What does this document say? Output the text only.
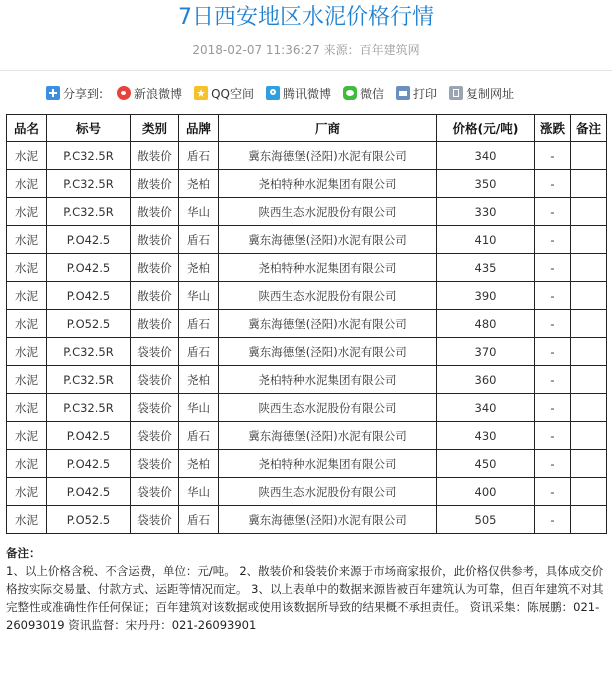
7日西安地区水泥价格行情
2018-02-07 11:36:27 来源：百年建筑网
分享到:	新浪微博 QQ空间 腾讯微博 微信 打印 复制网址
品名	标号	类别	品牌	厂商	价格(元/吨)	涨跌	备注
水泥	P.C32.5R	散装价	盾石	冀东海德堡(泾阳)水泥有限公司	340	-	
水泥	P.C32.5R	散装价	尧柏	尧柏特种水泥集团有限公司	350	-	
水泥	P.C32.5R	散装价	华山	陕西生态水泥股份有限公司	330	-	
水泥	P.O42.5	散装价	盾石	冀东海德堡(泾阳)水泥有限公司	410	-	
水泥	P.O42.5	散装价	尧柏	尧柏特种水泥集团有限公司	435	-	
水泥	P.O42.5	散装价	华山	陕西生态水泥股份有限公司	390	-	
水泥	P.O52.5	散装价	盾石	冀东海德堡(泾阳)水泥有限公司	480	-	
水泥	P.C32.5R	袋装价	盾石	冀东海德堡(泾阳)水泥有限公司	370	-	
水泥	P.C32.5R	袋装价	尧柏	尧柏特种水泥集团有限公司	360	-	
水泥	P.C32.5R	袋装价	华山	陕西生态水泥股份有限公司	340	-	
水泥	P.O42.5	袋装价	盾石	冀东海德堡(泾阳)水泥有限公司	430	-	
水泥	P.O42.5	袋装价	尧柏	尧柏特种水泥集团有限公司	450	-	
水泥	P.O42.5	袋装价	华山	陕西生态水泥股份有限公司	400	-	
水泥	P.O52.5	袋装价	盾石	冀东海德堡(泾阳)水泥有限公司	505	-	
备注：
1、以上价格含税、不含运费，单位：元/吨。 2、散装价和袋装价来源于市场商家报价，此价格仅供参考，具体成交价格按实际交易量、付款方式、运距等情况而定。 3、以上表单中的数据来源皆被百年建筑认为可靠，但百年建筑不对其完整性或准确性作任何保证；百年建筑对该数据或使用该数据所导致的结果概不承担责任。 资讯采集：陈展鹏：021-26093019 资讯监督：宋丹丹：021-26093901
